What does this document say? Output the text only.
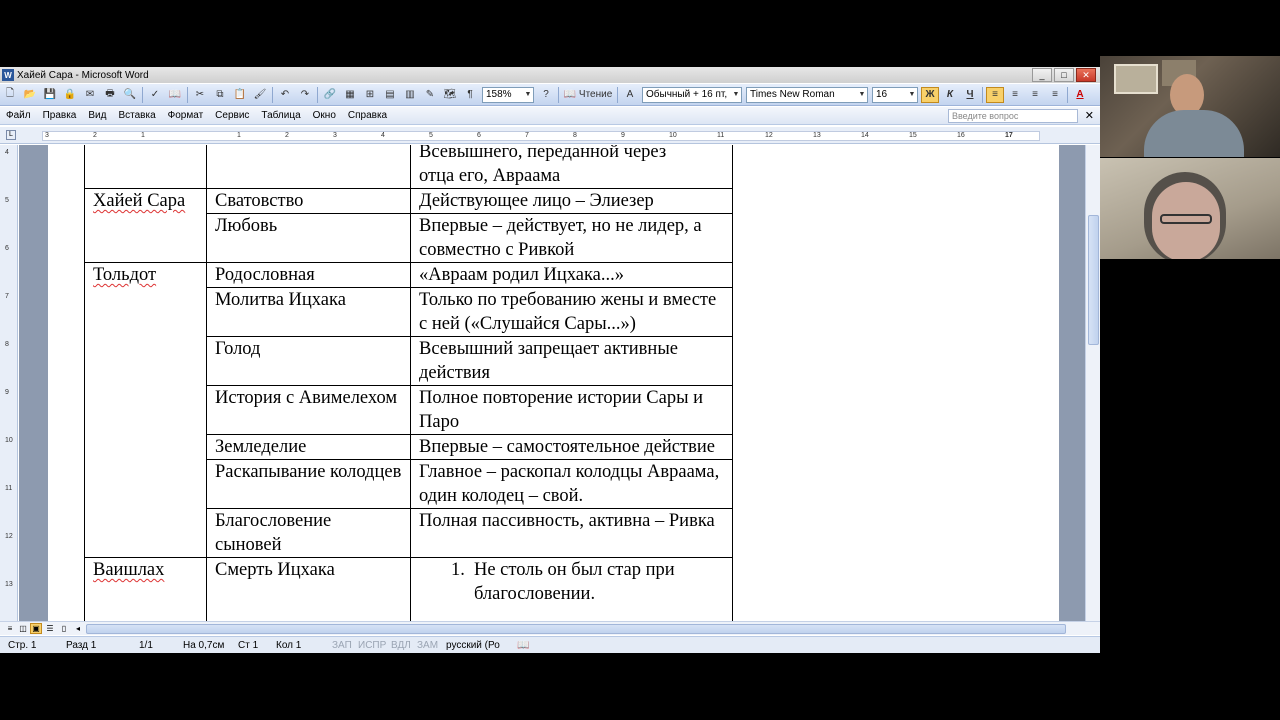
W Хайей Сара - Microsoft Word	_	□	✕
🗋 📂 💾 🔒 ✉	🖶 🔍	✓ 📖	✂	⧉	📋 🖌	↶	↷	🔗 ▦	⊞	▤	▥	✎ 🗺	¶	158% ▼	?	📖
Чтение	A	Обычный + 16 пт, ▼ Times New Roman	▼ 16	▼	Ж	К	Ч	≡	≡	≡	≡	A
Файл	Правка	Вид	Вставка	Формат	Сервис	Таблица	Окно	Справка	Введите вопрос	✕
L	3	2	1	1	2	3	4	5	6	7	8	9	10	11	12	13	14	15	16	17
4
5
6
7
8
9
10
11
12
13

		Всевышнего, переданной через
отца его, Авраама

Хайей Сара	Сватовство	Действующее лицо – Элиезер
	Любовь	Впервые – действует, но не лидер, а совместно с Ривкой
Тольдот	Родословная	«Авраам родил Ицхака...»
	Молитва Ицхака	Только по требованию жены и вместе с ней («Слушайся Сары...»)
	Голод	Всевышний запрещает активные действия
	История с Авимелехом	Полное повторение истории Сары и Паро
	Земледелие	Впервые – самостоятельное действие
	Раскапывание колодцев	Главное – раскопал колодцы Авраама, один колодец – свой.
	Благословение сыновей	Полная пассивность, активна – Ривка
Ваишлах	Смерть Ицхака	1. Не столь он был стар при благословении.
≡ ◫ ▣ ☰	▯	◂
Стр. 1	Разд 1	1/1	На 0,7см Ст 1 Кол 1	ЗАП ИСПР ВДЛ ЗАМ русский (Ро 📖
